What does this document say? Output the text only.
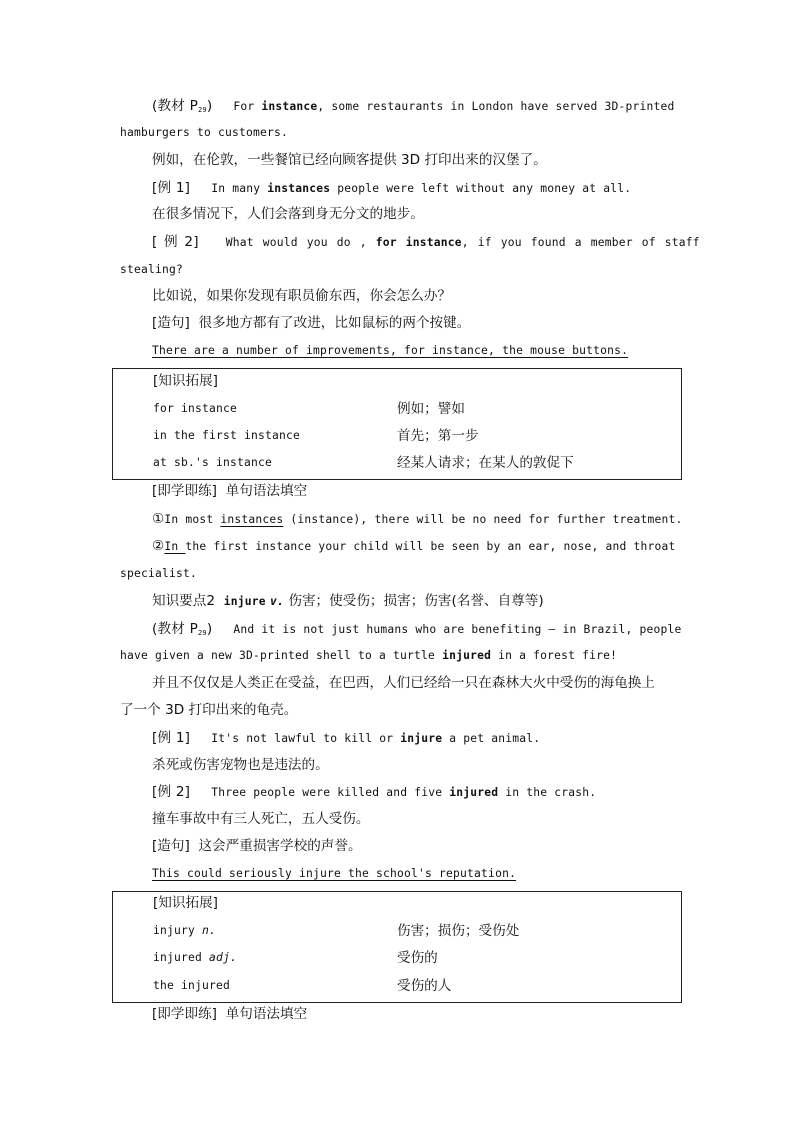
(教材 $P_{29}$) For instance, some restaurants in London have served 3D-printed
hamburgers to customers.
例如，在伦敦，一些餐馆已经向顾客提供 3D 打印出来的汉堡了。
[例 1] In many instances people were left without any money at all.
在很多情况下，人们会落到身无分文的地步。
[ 例 2] What would you do , for instance, if you found a member of staff
stealing?
比如说，如果你发现有职员偷东西，你会怎么办？
[造句] 很多地方都有了改进，比如鼠标的两个按键。
There are a number of improvements, for instance, the mouse buttons.
[知识拓展]
for instance	例如；譬如
in the first instance	首先；第一步
at sb.'s instance	经某人请求；在某人的敦促下
[即学即练] 单句语法填空
①In most instances (instance), there will be no need for further treatment.
②In the first instance your child will be seen by an ear, nose, and throat
specialist.
知识要点2 injure v. 伤害；使受伤；损害；伤害(名誉、自尊等)
(教材 $P_{29}$) And it is not just humans who are benefiting — in Brazil, people
have given a new 3D-printed shell to a turtle injured in a forest fire!
并且不仅仅是人类正在受益，在巴西，人们已经给一只在森林大火中受伤的海龟换上
了一个 3D 打印出来的龟壳。
[例 1] It's not lawful to kill or injure a pet animal.
杀死或伤害宠物也是违法的。
[例 2] Three people were killed and five injured in the crash.
撞车事故中有三人死亡，五人受伤。
[造句] 这会严重损害学校的声誉。
This could seriously injure the school's reputation.
[知识拓展]
injury n.	伤害；损伤；受伤处
injured adj.	受伤的
the injured	受伤的人
[即学即练] 单句语法填空
